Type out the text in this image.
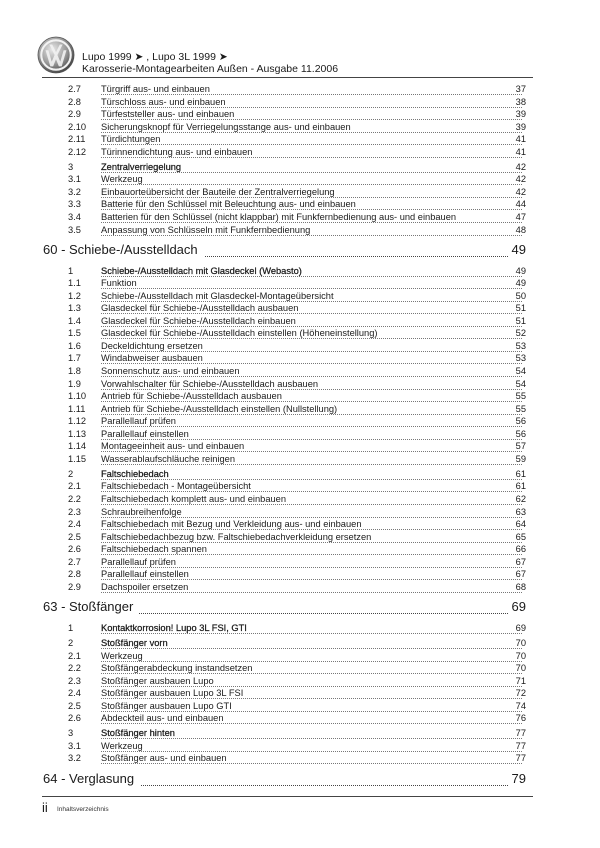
Lupo 1999 ➤ , Lupo 3L 1999 ➤
Karosserie-Montagearbeiten Außen - Ausgabe 11.2006
2.7	Türgriff aus- und einbauen	37
2.8	Türschloss aus- und einbauen	38
2.9	Türfeststeller aus- und einbauen	39
2.10	Sicherungsknopf für Verriegelungsstange aus- und einbauen	39
2.11	Türdichtungen	41
2.12	Türinnendichtung aus- und einbauen	41
3	Zentralverriegelung	42
3.1	Werkzeug	42
3.2	Einbauorteübersicht der Bauteile der Zentralverriegelung	42
3.3	Batterie für den Schlüssel mit Beleuchtung aus- und einbauen	44
3.4	Batterien für den Schlüssel (nicht klappbar) mit Funkfernbedienung aus- und einbauen	47
3.5	Anpassung von Schlüsseln mit Funkfernbedienung	48
60 - Schiebe-/Ausstelldach	49
1	Schiebe-/Ausstelldach mit Glasdeckel (Webasto)	49
1.1	Funktion	49
1.2	Schiebe-/Ausstelldach mit Glasdeckel-Montageübersicht	50
1.3	Glasdeckel für Schiebe-/Ausstelldach ausbauen	51
1.4	Glasdeckel für Schiebe-/Ausstelldach einbauen	51
1.5	Glasdeckel für Schiebe-/Ausstelldach einstellen (Höheneinstellung)	52
1.6	Deckeldichtung ersetzen	53
1.7	Windabweiser ausbauen	53
1.8	Sonnenschutz aus- und einbauen	54
1.9	Vorwahlschalter für Schiebe-/Ausstelldach ausbauen	54
1.10	Antrieb für Schiebe-/Ausstelldach ausbauen	55
1.11	Antrieb für Schiebe-/Ausstelldach einstellen (Nullstellung)	55
1.12	Parallellauf prüfen	56
1.13	Parallellauf einstellen	56
1.14	Montageeinheit aus- und einbauen	57
1.15	Wasserablaufschläuche reinigen	59
2	Faltschiebedach	61
2.1	Faltschiebedach - Montageübersicht	61
2.2	Faltschiebedach komplett aus- und einbauen	62
2.3	Schraubreihenfolge	63
2.4	Faltschiebedach mit Bezug und Verkleidung aus- und einbauen	64
2.5	Faltschiebedachbezug bzw. Faltschiebedachverkleidung ersetzen	65
2.6	Faltschiebedach spannen	66
2.7	Parallellauf prüfen	67
2.8	Parallellauf einstellen	67
2.9	Dachspoiler ersetzen	68
63 - Stoßfänger	69
1	Kontaktkorrosion! Lupo 3L FSI, GTI	69
2	Stoßfänger vorn	70
2.1	Werkzeug	70
2.2	Stoßfängerabdeckung instandsetzen	70
2.3	Stoßfänger ausbauen Lupo	71
2.4	Stoßfänger ausbauen Lupo 3L FSI	72
2.5	Stoßfänger ausbauen Lupo GTI	74
2.6	Abdeckteil aus- und einbauen	76
3	Stoßfänger hinten	77
3.1	Werkzeug	77
3.2	Stoßfänger aus- und einbauen	77
64 - Verglasung	79
ii Inhaltsverzeichnis
